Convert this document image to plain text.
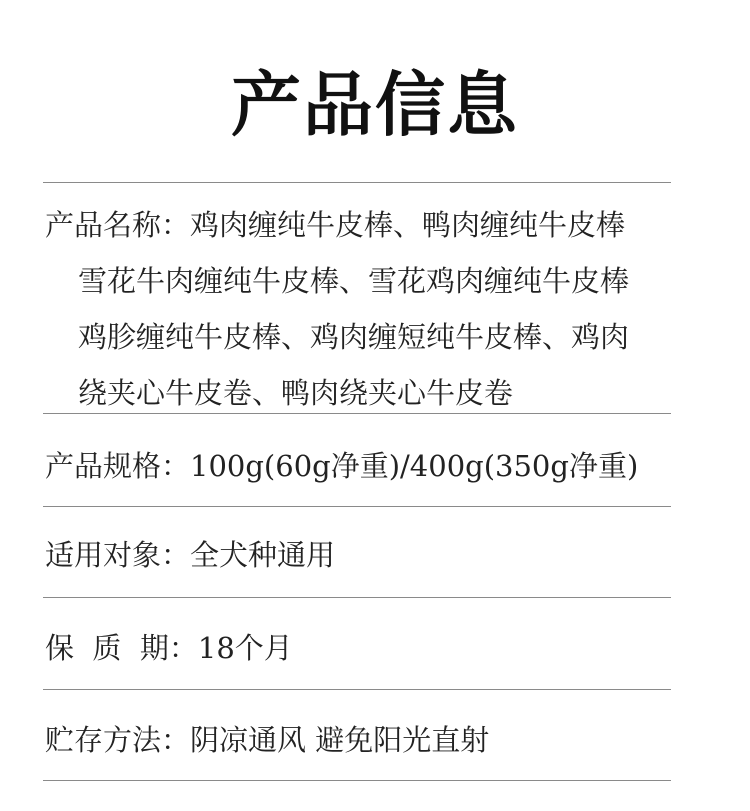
产品信息
产品名称：鸡肉缠纯牛皮棒、鸭肉缠纯牛皮棒
雪花牛肉缠纯牛皮棒、雪花鸡肉缠纯牛皮棒
鸡胗缠纯牛皮棒、鸡肉缠短纯牛皮棒、鸡肉
绕夹心牛皮卷、鸭肉绕夹心牛皮卷
产品规格：100g(60g净重)/400g(350g净重)
适用对象：全犬种通用
保  质  期：18个月
贮存方法：阴凉通风 避免阳光直射
